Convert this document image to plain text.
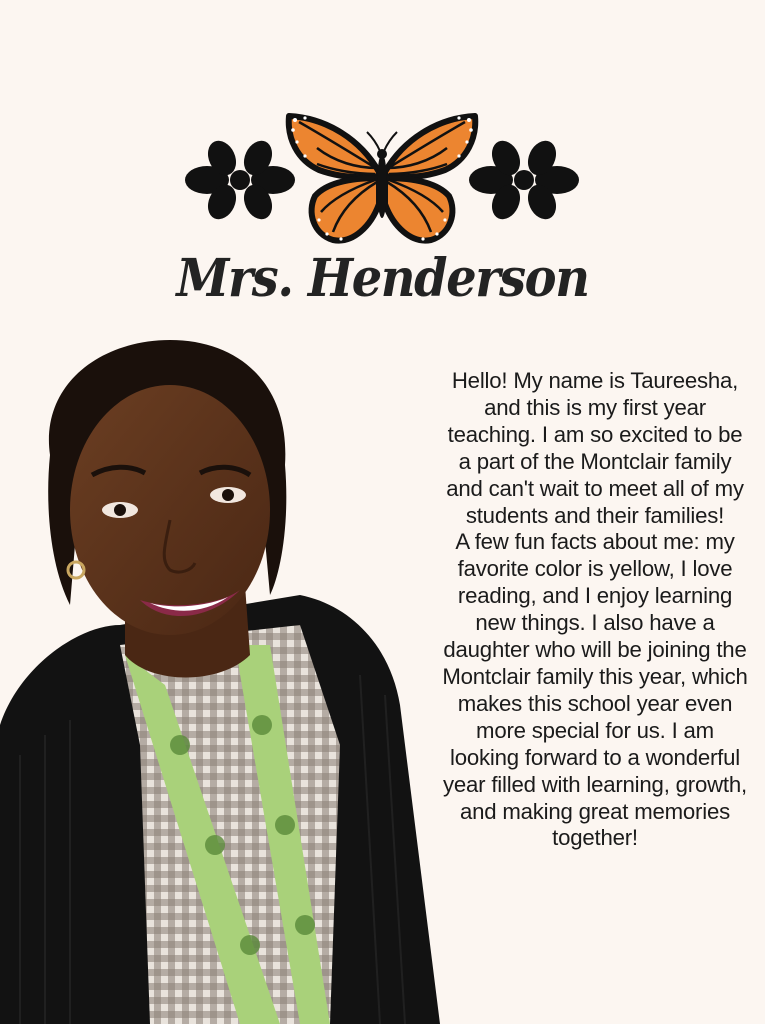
Mrs. Henderson

Hello! My name is Taureesha, and this is my first year teaching. I am so excited to be a part of the Montclair family and can't wait to meet all of my students and their families!

A few fun facts about me: my favorite color is yellow, I love reading, and I enjoy learning new things. I also have a daughter who will be joining the Montclair family this year, which makes this school year even more special for us. I am looking forward to a wonderful year filled with learning, growth, and making great memories together!
